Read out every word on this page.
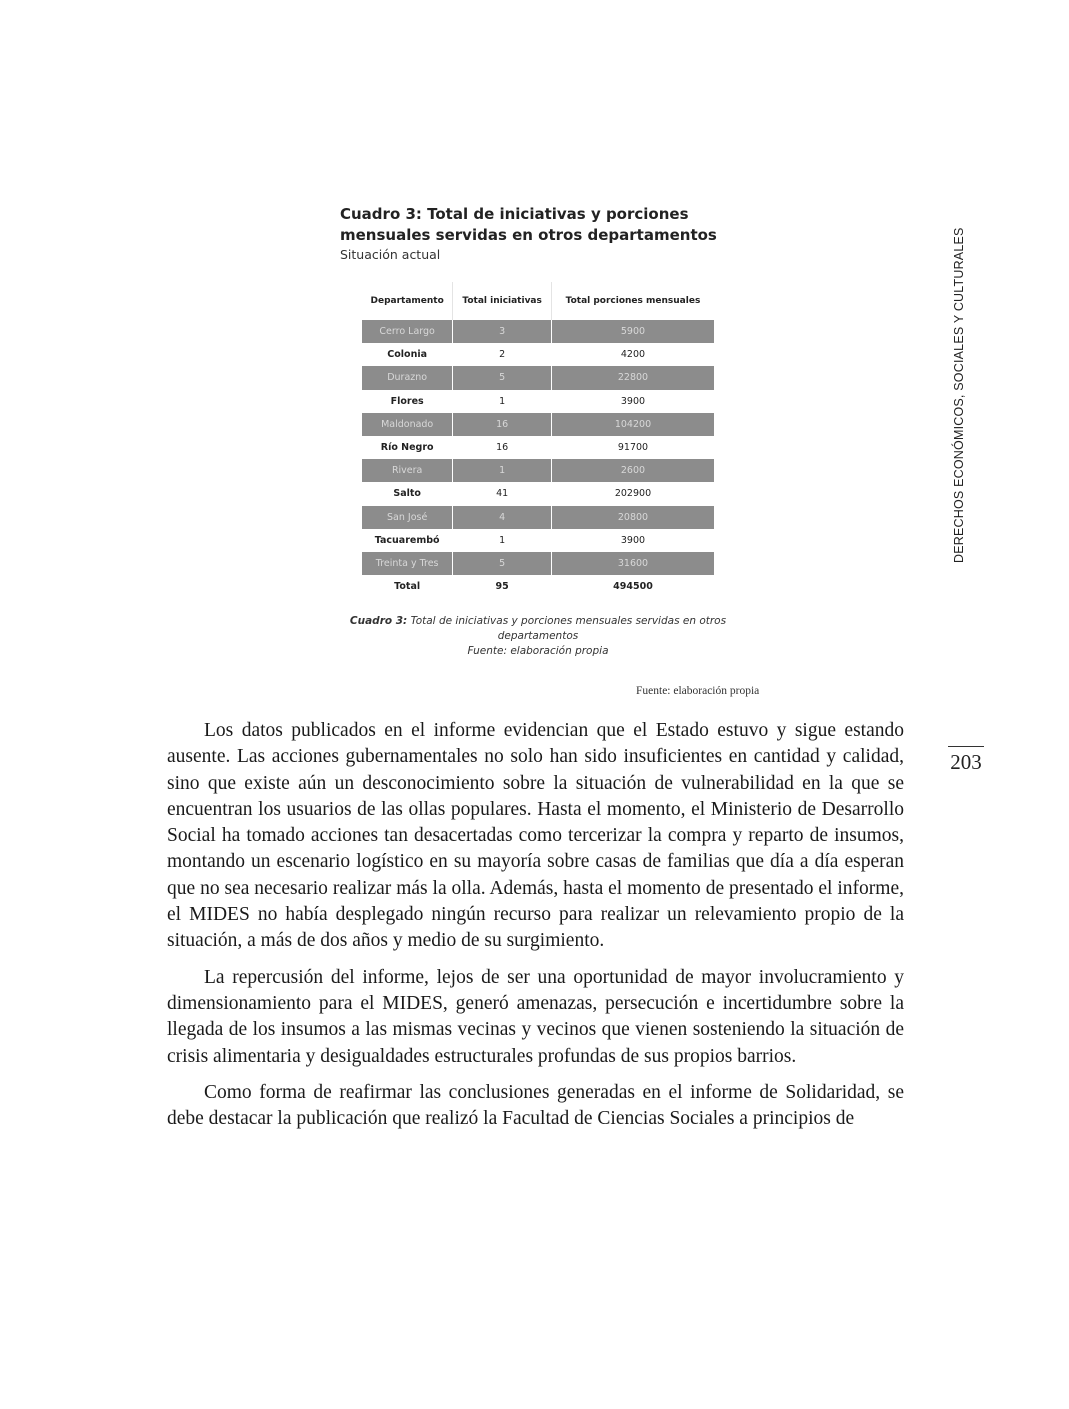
Cuadro 3: Total de iniciativas y porciones mensuales servidas en otros departamentos
Situación actual
Departamento	Total iniciativas	Total porciones mensuales
Cerro Largo	3	5900
Colonia	2	4200
Durazno	5	22800
Flores	1	3900
Maldonado	16	104200
Río Negro	16	91700
Rivera	1	2600
Salto	41	202900
San José	4	20800
Tacuarembó	1	3900
Treinta y Tres	5	31600
Total	95	494500
Cuadro 3: Total de iniciativas y porciones mensuales servidas en otros departamentos
Fuente: elaboración propia
Fuente: elaboración propia

Los datos publicados en el informe evidencian que el Estado estuvo y sigue estando ausente. Las acciones gubernamentales no solo han sido insuficientes en cantidad y calidad, sino que existe aún un desconocimiento sobre la situación de vulnerabilidad en la que se encuentran los usuarios de las ollas populares. Hasta el momento, el Ministerio de Desarrollo Social ha tomado acciones tan desacertadas como tercerizar la compra y reparto de insumos, montando un escenario logístico en su mayoría sobre casas de familias que día a día esperan que no sea necesario realizar más la olla. Además, hasta el momento de presentado el informe, el MIDES no había desplegado ningún recurso para realizar un relevamiento propio de la situación, a más de dos años y medio de su surgimiento.

La repercusión del informe, lejos de ser una oportunidad de mayor involucramiento y dimensionamiento para el MIDES, generó amenazas, persecución e incertidumbre sobre la llegada de los insumos a las mismas vecinas y vecinos que vienen sosteniendo la situación de crisis alimentaria y desigualdades estructurales profundas de sus propios barrios.

Como forma de reafirmar las conclusiones generadas en el informe de Solidaridad, se debe destacar la publicación que realizó la Facultad de Ciencias Sociales a principios de

DERECHOS ECONÓMICOS, SOCIALES Y CULTURALES
203
